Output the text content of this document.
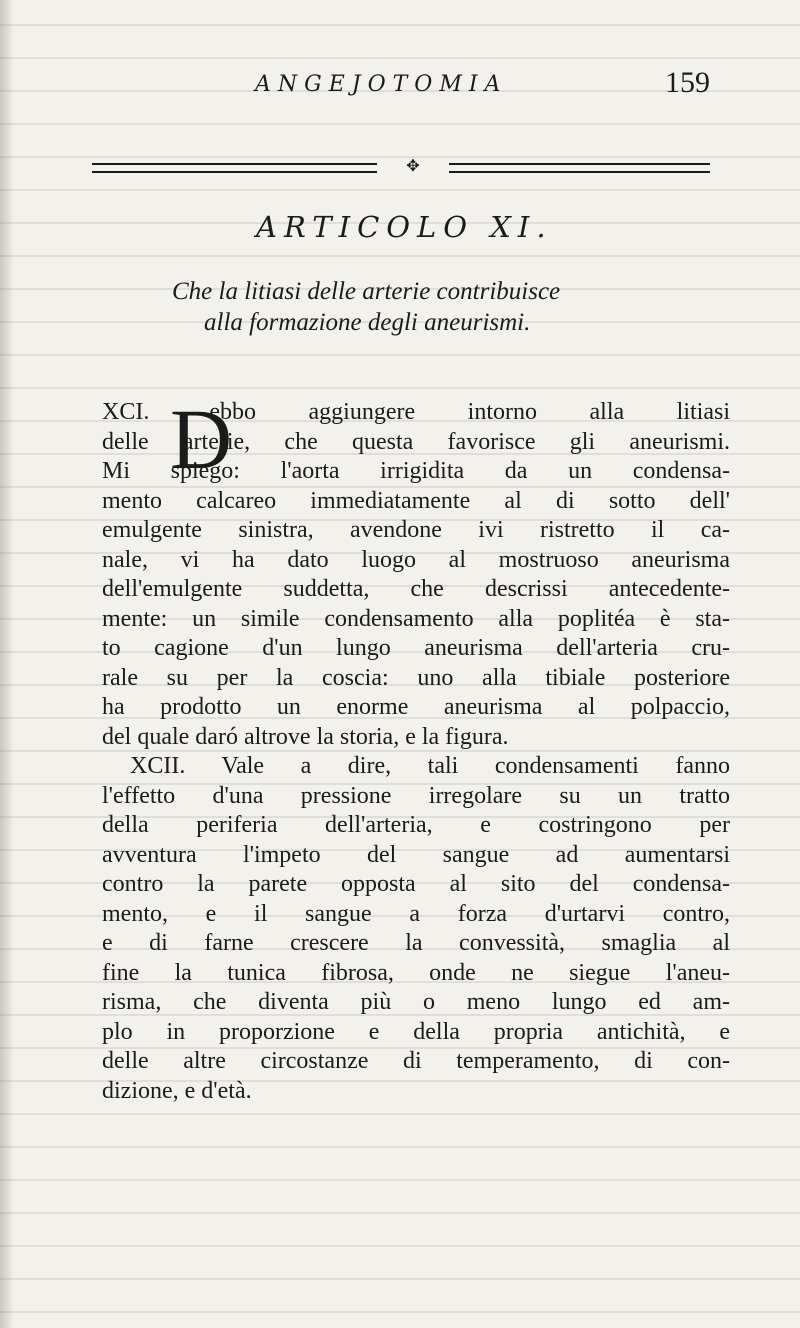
ANGEJOTOMIA	159
✥
ARTICOLO XI.
Che la litiasi delle arterie contribuisce
alla formazione degli aneurismi.
D
XCI.	ebbo aggiungere intorno alla litiasi
delle arterie, che questa favorisce gli aneurismi.
Mi spiego: l'aorta irrigidita da un condensa-
mento calcareo immediatamente al di sotto dell'
emulgente sinistra, avendone ivi ristretto il ca-
nale, vi ha dato luogo al mostruoso aneurisma
dell'emulgente suddetta, che descrissi antecedente-
mente: un simile condensamento alla poplitéa è sta-
to cagione d'un lungo aneurisma dell'arteria cru-
rale su per la coscia: uno alla tibiale posteriore
ha prodotto un enorme aneurisma al polpaccio,
del quale daró altrove la storia, e la figura.
XCII. Vale a dire, tali condensamenti fanno
l'effetto d'una pressione irregolare su un tratto
della periferia dell'arteria, e costringono per
avventura l'impeto del sangue ad aumentarsi
contro la parete opposta al sito del condensa-
mento, e il sangue a forza d'urtarvi contro,
e di farne crescere la convessità, smaglia al
fine la tunica fibrosa, onde ne siegue l'aneu-
risma, che diventa più o meno lungo ed am-
plo in proporzione e della propria antichità, e
delle altre circostanze di temperamento, di con-
dizione, e d'età.
